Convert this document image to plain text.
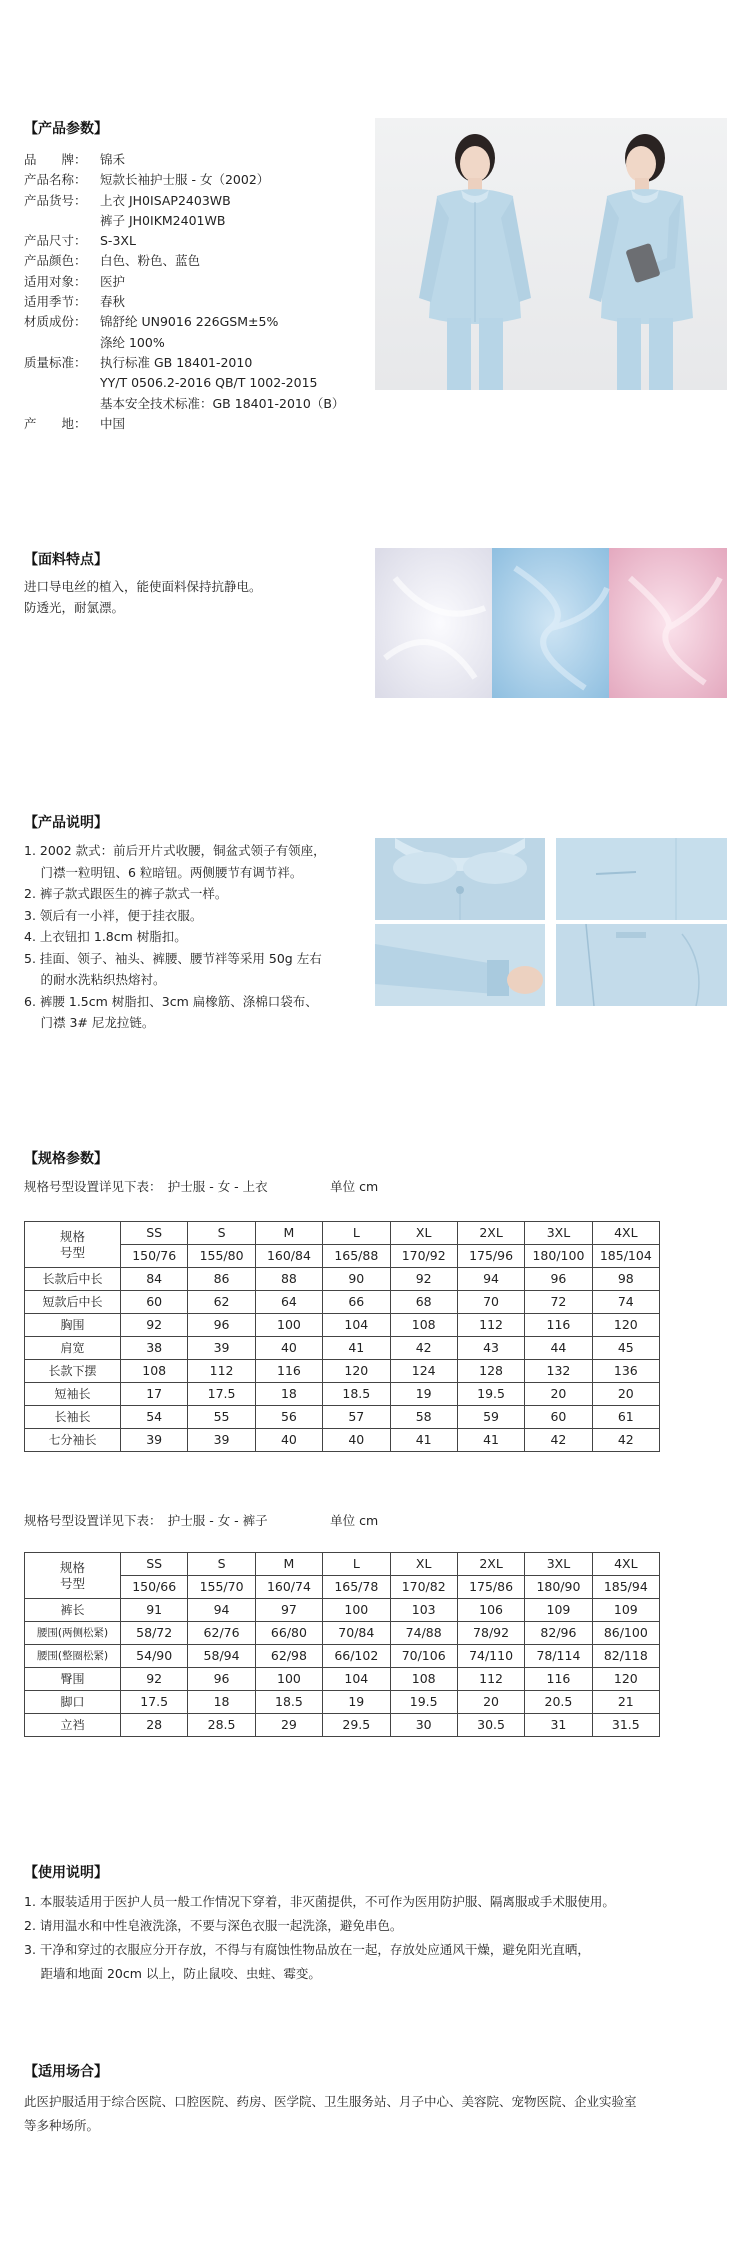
【产品参数】
品　　牌：	锦禾
产品名称：	短款长袖护士服 - 女（2002）
产品货号：	上衣 JH0ISAP2403WB
裤子 JH0IKM2401WB
产品尺寸：	S-3XL
产品颜色：	白色、粉色、蓝色
适用对象：	医护
适用季节：	春秋
材质成份：	锦舒纶 UN9016 226GSM±5%
涤纶 100%
质量标准：	执行标准 GB 18401-2010
YY/T 0506.2-2016 QB/T 1002-2015
基本安全技术标准：GB 18401-2010（B）
产　　地：	中国
【面料特点】
进口导电丝的植入，能使面料保持抗静电。
防透光，耐氯漂。
【产品说明】
1. 2002 款式：前后开片式收腰，铜盆式领子有领座，
　 门襟一粒明钮、6 粒暗钮。两侧腰节有调节袢。
2. 裤子款式跟医生的裤子款式一样。
3. 领后有一小袢，便于挂衣服。
4. 上衣钮扣 1.8cm 树脂扣。
5. 挂面、领子、袖头、裤腰、腰节袢等采用 50g 左右
　 的耐水洗粘织热熔衬。
6. 裤腰 1.5cm 树脂扣、3cm 扁橡筋、涤棉口袋布、
　 门襟 3# 尼龙拉链。
【规格参数】
规格号型设置详见下表：　护士服 - 女 - 上衣　　　　　单位 cm
规格
号型	SS	S	M	L	XL	2XL	3XL	4XL
	150/76	155/80	160/84	165/88	170/92	175/96	180/100	185/104
长款后中长	84	86	88	90	92	94	96	98
短款后中长	60	62	64	66	68	70	72	74
胸围	92	96	100	104	108	112	116	120
肩宽	38	39	40	41	42	43	44	45
长款下摆	108	112	116	120	124	128	132	136
短袖长	17	17.5	18	18.5	19	19.5	20	20
长袖长	54	55	56	57	58	59	60	61
七分袖长	39	39	40	40	41	41	42	42
规格号型设置详见下表：　护士服 - 女 - 裤子　　　　　单位 cm
规格
号型	SS	S	M	L	XL	2XL	3XL	4XL
	150/66	155/70	160/74	165/78	170/82	175/86	180/90	185/94
裤长	91	94	97	100	103	106	109	109
腰围(两侧松紧)	58/72	62/76	66/80	70/84	74/88	78/92	82/96	86/100
腰围(整圈松紧)	54/90	58/94	62/98	66/102	70/106	74/110	78/114	82/118
臀围	92	96	100	104	108	112	116	120
脚口	17.5	18	18.5	19	19.5	20	20.5	21
立裆	28	28.5	29	29.5	30	30.5	31	31.5
【使用说明】
1. 本服装适用于医护人员一般工作情况下穿着，非灭菌提供，不可作为医用防护服、隔离服或手术服使用。
2. 请用温水和中性皂液洗涤，不要与深色衣服一起洗涤，避免串色。
3. 干净和穿过的衣服应分开存放，不得与有腐蚀性物品放在一起，存放处应通风干燥，避免阳光直晒，
　 距墙和地面 20cm 以上，防止鼠咬、虫蛀、霉变。
【适用场合】
此医护服适用于综合医院、口腔医院、药房、医学院、卫生服务站、月子中心、美容院、宠物医院、企业实验室
等多种场所。
